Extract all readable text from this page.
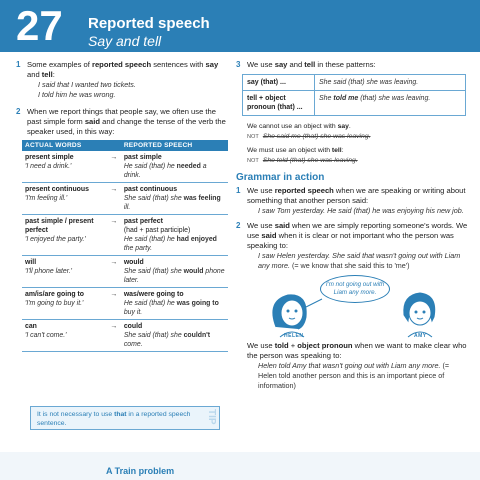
27 Reported speech
Say and tell
1 Some examples of reported speech sentences with say and tell:
I said that I wanted two tickets.
I told him he was wrong.
2 When we report things that people say, we often use the past simple form said and change the tense of the verb the speaker used, in this way:
ACTUAL WORDS		REPORTED SPEECH

present simple
'I need a drink.'	→	past simple
He said (that) he needed a drink.

present continuous
'I'm feeling ill.'	→	past continuous
She said (that) she was feeling ill.

past simple / present perfect
'I enjoyed the party.'	→	past perfect
(had + past participle)
He said (that) he had enjoyed the party.

will
'I'll phone later.'	→	would
She said (that) she would phone later.

am/is/are going to
'I'm going to buy it.'	→	was/were going to
He said (that) he was going to buy it.

can
'I can't come.'	→	could
She said (that) she couldn't come.
It is not necessary to use that in a reported speech sentence.	TIP
3 We use say and tell in these patterns:
say (that) ...	She said (that) she was leaving.
tell + object pronoun (that) ...	She told me (that) she was leaving.
We cannot use an object with say.
NOT She said me (that) she was leaving.
We must use an object with tell:
NOT She told (that) she was leaving.
Grammar in action
1 We use reported speech when we are speaking or writing about something that another person said:
I saw Tom yesterday. He said (that) he was enjoying his new job.
2 We use said when we are simply reporting someone's words. We use said when it is clear or not important who the person was speaking to:
I saw Helen yesterday. She said that wasn't going out with Liam any more. (= we know that she said this to 'me')
I'm not going out with Liam any more.
HELEN	AMY
We use told + object pronoun when we want to make clear who the person was speaking to:
Helen told Amy that wasn't going out with Liam any more. (= Helen told another person and this is an important piece of information)
A Train problem
